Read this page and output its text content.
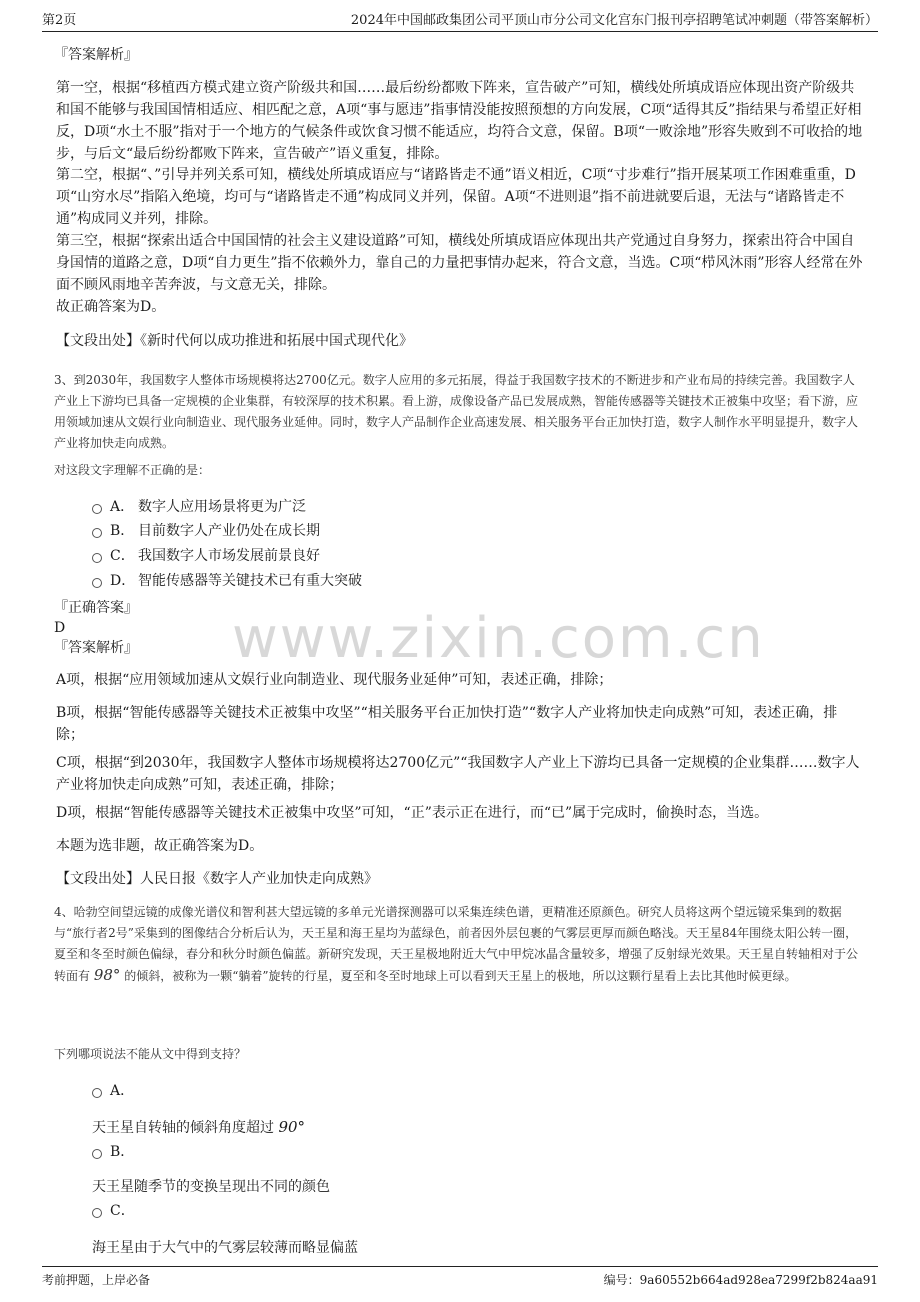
第2页	2024年中国邮政集团公司平顶山市分公司文化宫东门报刊亭招聘笔试冲刺题（带答案解析）
www.zixin.com.cn
『答案解析』
第一空，根据“移植西方模式建立资产阶级共和国……最后纷纷都败下阵来，宣告破产”可知，横线处所填成语应体现出资产阶级共和国不能够与我国国情相适应、相匹配之意，A项“事与愿违”指事情没能按照预想的方向发展，C项“适得其反”指结果与希望正好相反，D项“水土不服”指对于一个地方的气候条件或饮食习惯不能适应，均符合文意，保留。B项“一败涂地”形容失败到不可收拾的地步，与后文“最后纷纷都败下阵来，宣告破产”语义重复，排除。
第二空，根据“、”引导并列关系可知，横线处所填成语应与“诸路皆走不通”语义相近，C项“寸步难行”指开展某项工作困难重重，D项“山穷水尽”指陷入绝境，均可与“诸路皆走不通”构成同义并列，保留。A项“不进则退”指不前进就要后退，无法与“诸路皆走不通”构成同义并列，排除。
第三空，根据“探索出适合中国国情的社会主义建设道路”可知，横线处所填成语应体现出共产党通过自身努力，探索出符合中国自身国情的道路之意，D项“自力更生”指不依赖外力，靠自己的力量把事情办起来，符合文意，当选。C项“栉风沐雨”形容人经常在外面不顾风雨地辛苦奔波，与文意无关，排除。
故正确答案为D。
【文段出处】《新时代何以成功推进和拓展中国式现代化》
3、到2030年，我国数字人整体市场规模将达2700亿元。数字人应用的多元拓展，得益于我国数字技术的不断进步和产业布局的持续完善。我国数字人产业上下游均已具备一定规模的企业集群，有较深厚的技术积累。看上游，成像设备产品已发展成熟，智能传感器等关键技术正被集中攻坚；看下游，应用领域加速从文娱行业向制造业、现代服务业延伸。同时，数字人产品制作企业高速发展、相关服务平台正加快打造，数字人制作水平明显提升，数字人产业将加快走向成熟。
对这段文字理解不正确的是：
A． 数字人应用场景将更为广泛
B． 目前数字人产业仍处在成长期
C． 我国数字人市场发展前景良好
D． 智能传感器等关键技术已有重大突破
『正确答案』
D
『答案解析』
A项，根据“应用领域加速从文娱行业向制造业、现代服务业延伸”可知，表述正确，排除；
B项，根据“智能传感器等关键技术正被集中攻坚”“相关服务平台正加快打造”“数字人产业将加快走向成熟”可知，表述正确，排除；
C项，根据“到2030年，我国数字人整体市场规模将达2700亿元”“我国数字人产业上下游均已具备一定规模的企业集群……数字人产业将加快走向成熟”可知，表述正确，排除；
D项，根据“智能传感器等关键技术正被集中攻坚”可知，“正”表示正在进行，而“已”属于完成时，偷换时态，当选。
本题为选非题，故正确答案为D。
【文段出处】人民日报《数字人产业加快走向成熟》
4、哈勃空间望远镜的成像光谱仪和智利甚大望远镜的多单元光谱探测器可以采集连续色谱，更精准还原颜色。研究人员将这两个望远镜采集到的数据与“旅行者2号”采集到的图像结合分析后认为，天王星和海王星均为蓝绿色，前者因外层包裹的气雾层更厚而颜色略浅。天王星84年围绕太阳公转一圈，夏至和冬至时颜色偏绿，春分和秋分时颜色偏蓝。新研究发现，天王星极地附近大气中甲烷冰晶含量较多，增强了反射绿光效果。天王星自转轴相对于公转面有 98° 的倾斜，被称为一颗“躺着”旋转的行星，夏至和冬至时地球上可以看到天王星上的极地，所以这颗行星看上去比其他时候更绿。
下列哪项说法不能从文中得到支持？
A．
天王星自转轴的倾斜角度超过 90°
B．
天王星随季节的变换呈现出不同的颜色
C．
海王星由于大气中的气雾层较薄而略显偏蓝
考前押题，上岸必备	编号：9a60552b664ad928ea7299f2b824aa91
